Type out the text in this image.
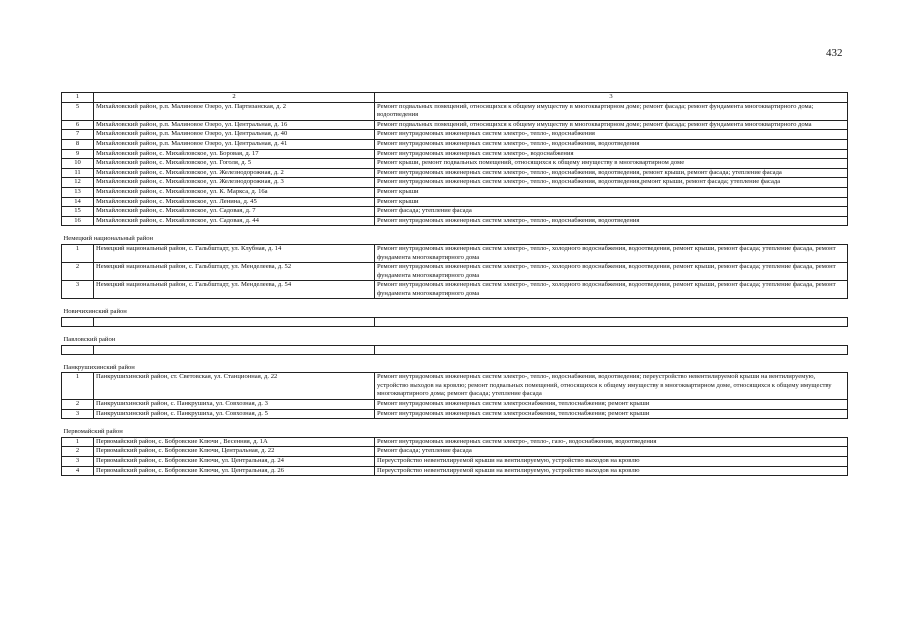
432
1	2	3
5	Михайловский район, р.п. Малиновое Озеро, ул. Партизанская, д. 2	Ремонт подвальных помещений, относящихся к общему имуществу в многоквартирном доме; ремонт фасада; ремонт фундамента многоквартирного дома; водоотведения
6	Михайловский район, р.п. Малиновое Озеро, ул. Центральная, д. 16	Ремонт подвальных помещений, относящихся к общему имуществу в многоквартирном доме; ремонт фасада; ремонт фундамента многоквартирного дома
7	Михайловский район, р.п. Малиновое Озеро, ул. Центральная, д. 40	Ремонт внутридомовых инженерных систем электро-, тепло-, водоснабжения
8	Михайловский район, р.п. Малиновое Озеро, ул. Центральная, д. 41	Ремонт внутридомовых инженерных систем электро-, тепло-, водоснабжения, водоотведения
9	Михайловский район, с. Михайловское, ул. Боровая, д. 17	Ремонт внутридомовых инженерных систем электро-, водоснабжения
10	Михайловский район, с. Михайловское, ул. Гоголя, д. 5	Ремонт крыши, ремонт подвальных помещений, относящихся к общему имуществу в многоквартирном доме
11	Михайловский район, с. Михайловское, ул. Железнодорожная, д. 2	Ремонт внутридомовых инженерных систем электро-, тепло-, водоснабжения, водоотведения, ремонт крыши, ремонт фасада; утепление фасада
12	Михайловский район, с. Михайловское, ул. Железнодорожная, д. 3	Ремонт внутридомовых инженерных систем электро-, тепло-, водоснабжения, водоотведения,ремонт крыши, ремонт фасада; утепление фасада
13	Михайловский район, с. Михайловское, ул. К. Маркса, д. 16а	Ремонт крыши
14	Михайловский район, с. Михайловское, ул. Ленина, д. 45	Ремонт крыши
15	Михайловский район, с. Михайловское, ул. Садовая, д. 7	Ремонт фасада; утепление фасада
16	Михайловский район, с. Михайловское, ул. Садовая, д. 44	Ремонт внутридомовых инженерных систем электро-, тепло-, водоснабжения, водоотведения
Немецкий национальный район		
1	Немецкий национальный район, с. Гальбштадт, ул. Клубная, д. 14	Ремонт внутридомовых инженерных систем электро-, тепло-, холодного водоснабжения, водоотведения, ремонт крыши, ремонт фасада; утепление фасада, ремонт фундамента многоквартирного дома
2	Немецкий национальный район, с. Гальбштадт, ул. Менделеева, д. 52	Ремонт внутридомовых инженерных систем электро-, тепло-, холодного водоснабжения, водоотведения, ремонт крыши, ремонт фасада; утепление фасада, ремонт фундамента многоквартирного дома
3	Немецкий национальный район, с. Гальбштадт, ул. Менделеева, д. 54	Ремонт внутридомовых инженерных систем электро-, тепло-, холодного водоснабжения, водоотведения, ремонт крыши, ремонт фасада; утепление фасада, ремонт фундамента многоквартирного дома
Новичихинский район		

Павловский район		

Панкрушихинский район		
1	Панкрушихинский район, ст. Световская, ул. Станционная, д. 22	Ремонт внутридомовых инженерных систем электро-, тепло-, водоснабжения, водоотведения; переустройство невентилируемой крыши на вентилируемую, устройство выходов на кровлю; ремонт подвальных помещений, относящихся к общему имуществу в многоквартирном доме, относящихся к общему имуществу многоквартирного дома; ремонт фасада; утепление фасада
2	Панкрушихинский район, с. Панкрушиха, ул. Совхозная, д. 3	Ремонт внутридомовых инженерных систем электроснабжения, теплоснабжения; ремонт крыши
3	Панкрушихинский район, с. Панкрушиха, ул. Совхозная, д. 5	Ремонт внутридомовых инженерных систем электроснабжения, теплоснабжения; ремонт крыши
Первомайский район		
1	Первомайский район, с. Бобровские Ключи , Весенняя, д. 1А	Ремонт внутридомовых инженерных систем электро-, тепло-, газо-, водоснабжения, водоотведения
2	Первомайский район, с. Бобровские Ключи, Центральная, д. 22	Ремонт фасада; утепление фасада
3	Первомайский район, с. Бобровские Ключи, ул. Центральная, д. 24	Переустройство невентилируемой крыши на вентилируемую, устройство выходов на кровлю
4	Первомайский район, с. Бобровские Ключи, ул. Центральная, д. 26	Переустройство невентилируемой крыши на вентилируемую, устройство выходов на кровлю
